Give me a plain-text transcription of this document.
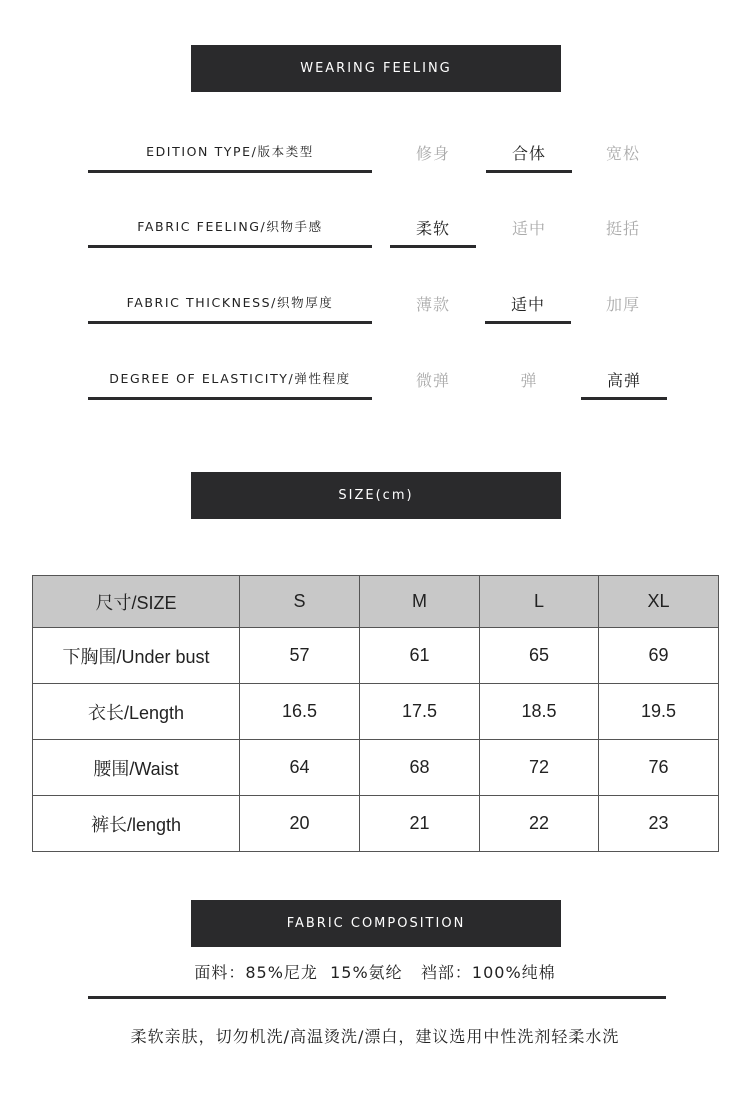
WEARING FEELING
EDITION TYPE/版本类型	修身	合体	宽松
FABRIC FEELING/织物手感	柔软	适中	挺括
FABRIC THICKNESS/织物厚度	薄款	适中	加厚
DEGREE OF ELASTICITY/弹性程度	微弹	弹	高弹
SIZE(cm)
尺寸/SIZE	S	M	L	XL
下胸围/Under bust	57	61	65	69
衣长/Length	16.5	17.5	18.5	19.5
腰围/Waist	64	68	72	76
裤长/length	20	21	22	23
FABRIC COMPOSITION
面料：85%尼龙  15%氨纶   裆部：100%纯棉
柔软亲肤，切勿机洗/高温烫洗/漂白，建议选用中性洗剂轻柔水洗
